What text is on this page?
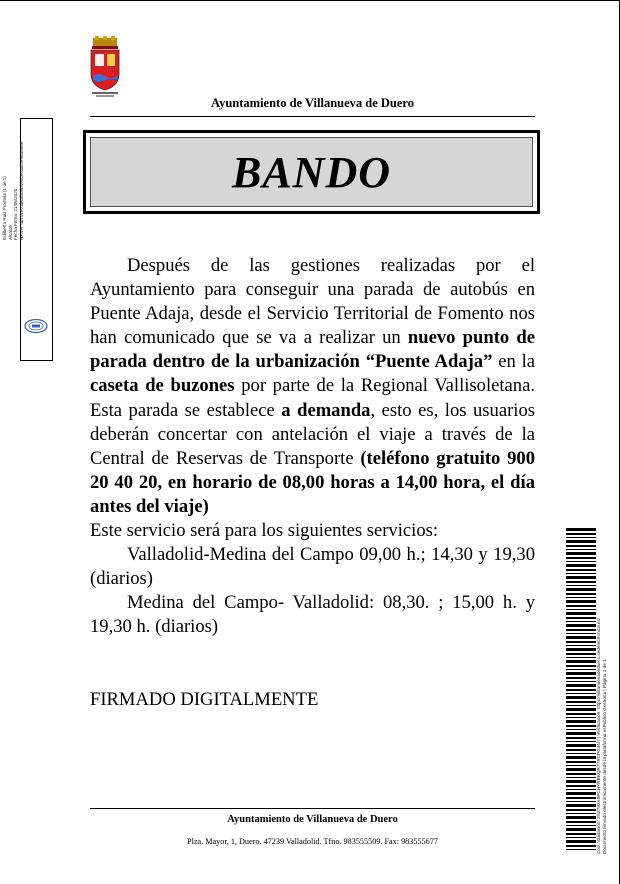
Ayuntamiento de Villanueva de Duero
BANDO
Edilberto Ruiz Frontela (1 de 1) Alcalde Fecha Firma: 21/06/2020 HASH: 4b7d1e73b65bdeb4e04e9a8f5e985e86e

Después de las gestiones realizadas por el Ayuntamiento para conseguir una parada de autobús en Puente Adaja, desde el Servicio Territorial de Fomento nos han comunicado que se va a realizar un nuevo punto de parada dentro de la urbanización “Puente Adaja” en la caseta de buzones por parte de la Regional Vallisoletana. Esta parada se establece a demanda, esto es, los usuarios deberán concertar con antelación el viaje a través de la Central de Reservas de Transporte (teléfono gratuito 900 20 40 20, en horario de 08,00 horas a 14,00 hora, el día antes del viaje)

Este servicio será para los siguientes servicios:

Valladolid-Medina del Campo 09,00 h.; 14,30 y 19,30 (diarios)

Medina del Campo- Valladolid: 08,30. ; 15,00 h. y 19,30 h. (diarios)

FIRMADO DIGITALMENTE	Cód. Validación: 3SZ792X9PCHYRBKQR7TRCPG4N7 | Verificación: https://villanuevadeduero.sedelectronica.es/ Documento firmado electrónicamente desde la plataforma esPublico Gestiona | Página 1 de 1
Ayuntamiento de Villanueva de Duero
Plza. Mayor, 1, Duero. 47239 Valladolid. Tfno. 983555509. Fax: 983555677
